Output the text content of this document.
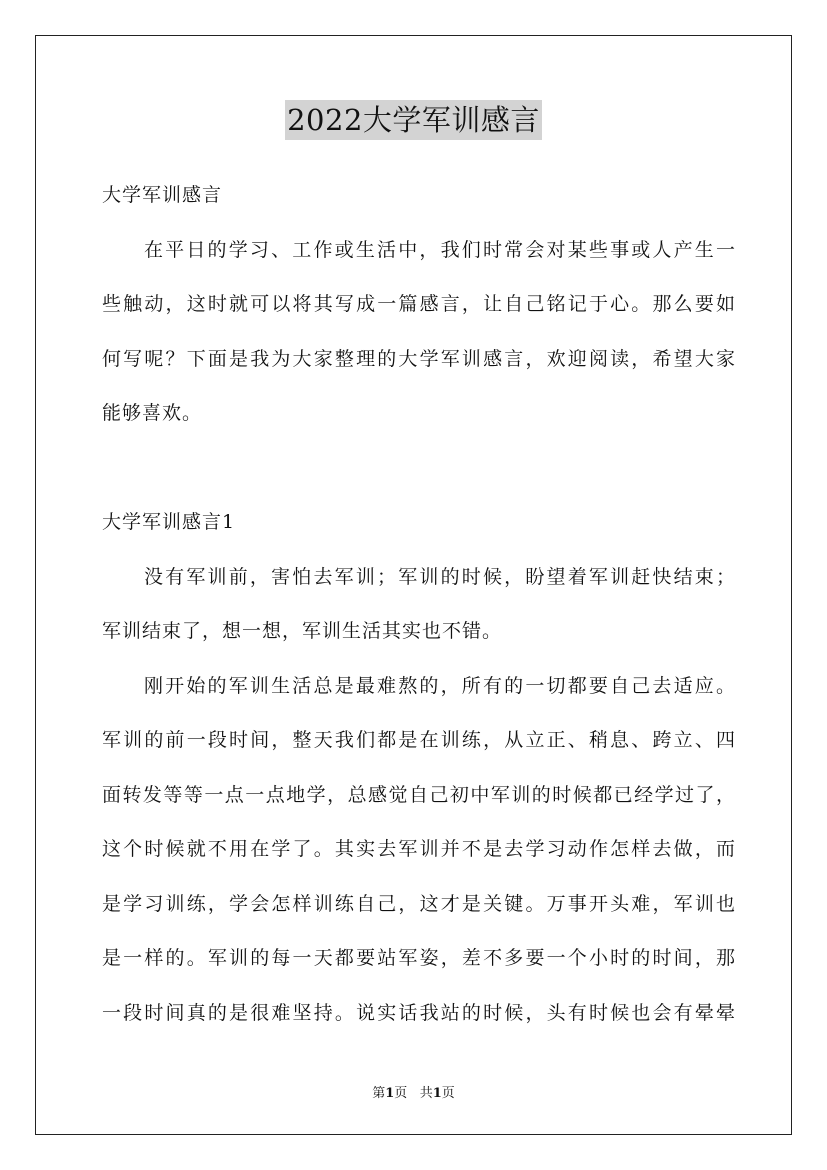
2022大学军训感言

大学军训感言

在平日的学习、工作或生活中，我们时常会对某些事或人产生一

些触动，这时就可以将其写成一篇感言，让自己铭记于心。那么要如

何写呢？下面是我为大家整理的大学军训感言，欢迎阅读，希望大家

能够喜欢。

大学军训感言1

没有军训前，害怕去军训；军训的时候，盼望着军训赶快结束；

军训结束了，想一想，军训生活其实也不错。

刚开始的军训生活总是最难熬的，所有的一切都要自己去适应。

军训的前一段时间，整天我们都是在训练，从立正、稍息、跨立、四

面转发等等一点一点地学，总感觉自己初中军训的时候都已经学过了，

这个时候就不用在学了。其实去军训并不是去学习动作怎样去做，而

是学习训练，学会怎样训练自己，这才是关键。万事开头难，军训也

是一样的。军训的每一天都要站军姿，差不多要一个小时的时间，那

一段时间真的是很难坚持。说实话我站的时候，头有时候也会有晕晕

第1页 共1页
